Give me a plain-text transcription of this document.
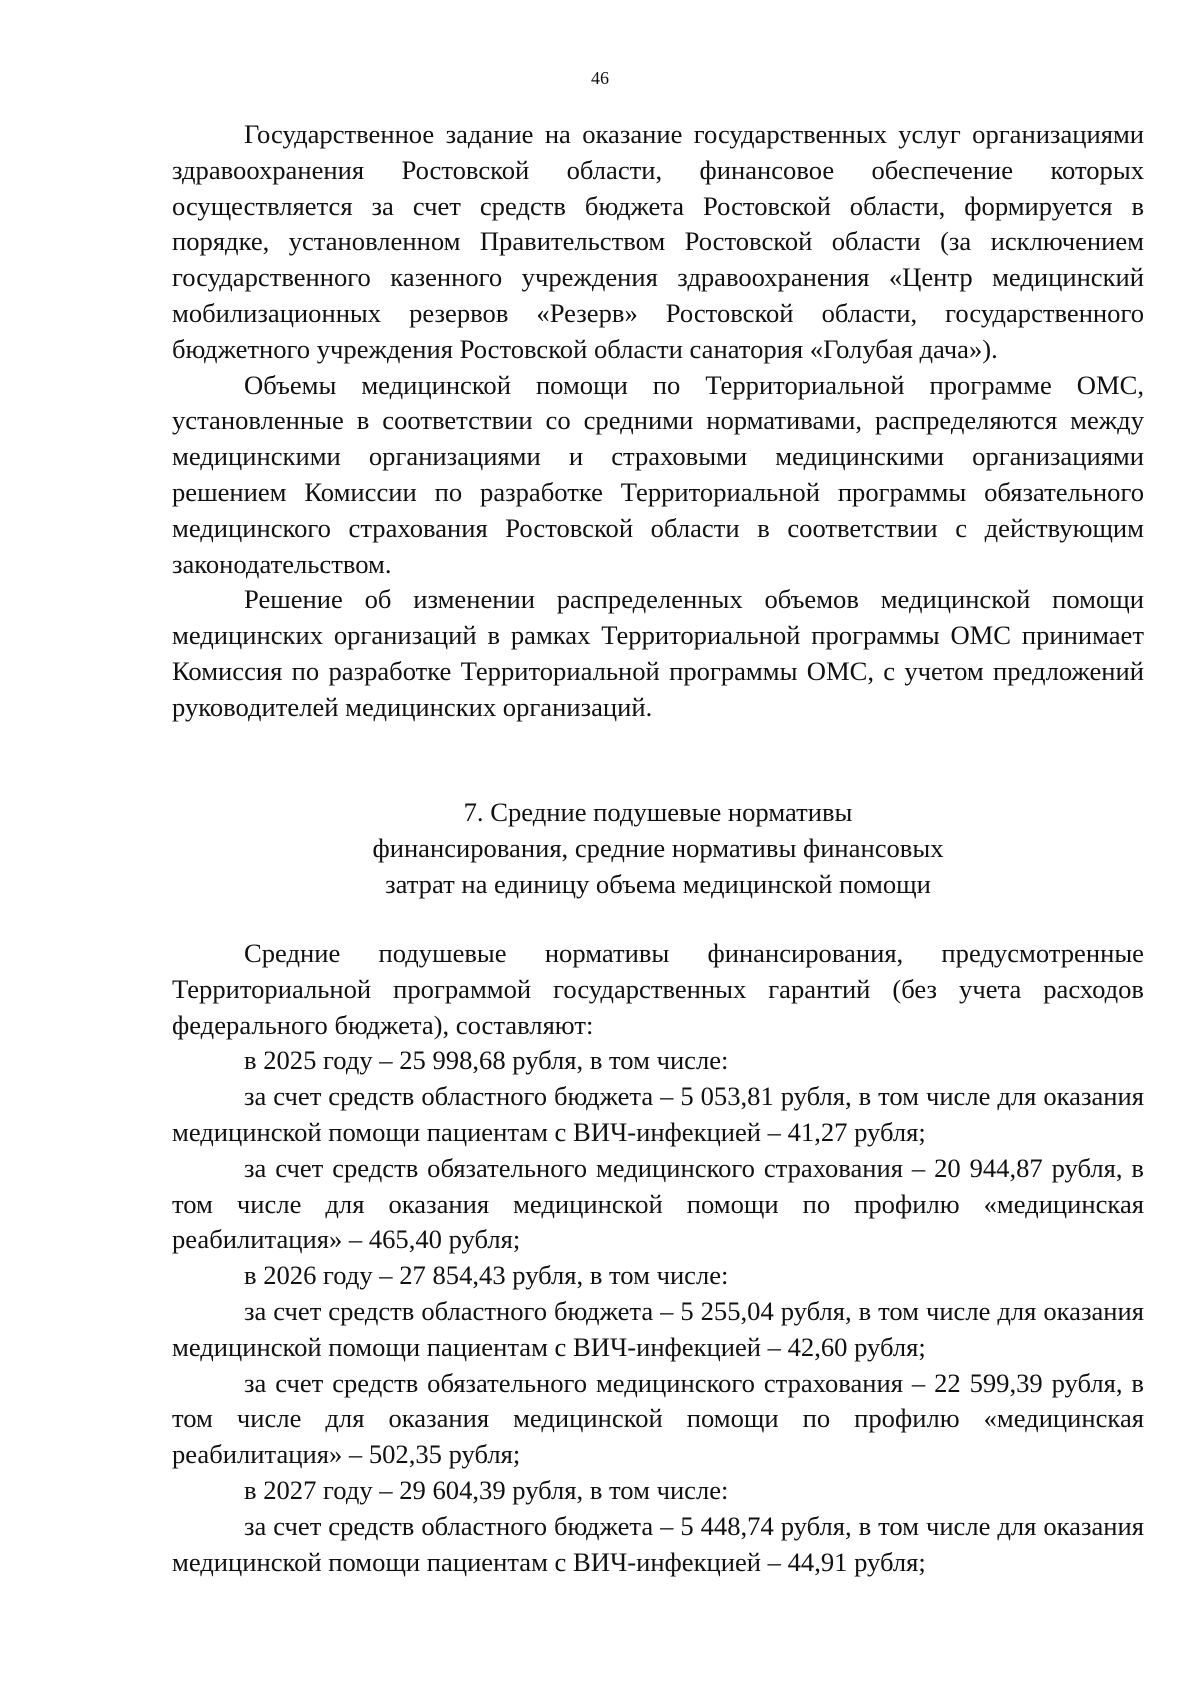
46

Государственное задание на оказание государственных услуг организациями здравоохранения Ростовской области, финансовое обеспечение которых осуществляется за счет средств бюджета Ростовской области, формируется в порядке, установленном Правительством Ростовской области (за исключением государственного казенного учреждения здравоохранения «Центр медицинский мобилизационных резервов «Резерв» Ростовской области, государственного бюджетного учреждения Ростовской области санатория «Голубая дача»).

Объемы медицинской помощи по Территориальной программе ОМС, установленные в соответствии со средними нормативами, распределяются между медицинскими организациями и страховыми медицинскими организациями решением Комиссии по разработке Территориальной программы обязательного медицинского страхования Ростовской области в соответствии с действующим законодательством.

Решение об изменении распределенных объемов медицинской помощи медицинских организаций в рамках Территориальной программы ОМС принимает Комиссия по разработке Территориальной программы ОМС, с учетом предложений руководителей медицинских организаций.

7. Средние подушевые нормативы
финансирования, средние нормативы финансовых
затрат на единицу объема медицинской помощи

Средние подушевые нормативы финансирования, предусмотренные Территориальной программой государственных гарантий (без учета расходов федерального бюджета), составляют:

в 2025 году – 25 998,68 рубля, в том числе:

за счет средств областного бюджета – 5 053,81 рубля, в том числе для оказания медицинской помощи пациентам с ВИЧ-инфекцией – 41,27 рубля;

за счет средств обязательного медицинского страхования – 20 944,87 рубля, в том числе для оказания медицинской помощи по профилю «медицинская реабилитация» – 465,40 рубля;

в 2026 году – 27 854,43 рубля, в том числе:

за счет средств областного бюджета – 5 255,04 рубля, в том числе для оказания медицинской помощи пациентам с ВИЧ-инфекцией – 42,60 рубля;

за счет средств обязательного медицинского страхования – 22 599,39 рубля, в том числе для оказания медицинской помощи по профилю «медицинская реабилитация» – 502,35 рубля;

в 2027 году – 29 604,39 рубля, в том числе:

за счет средств областного бюджета – 5 448,74 рубля, в том числе для оказания медицинской помощи пациентам с ВИЧ-инфекцией – 44,91 рубля;
